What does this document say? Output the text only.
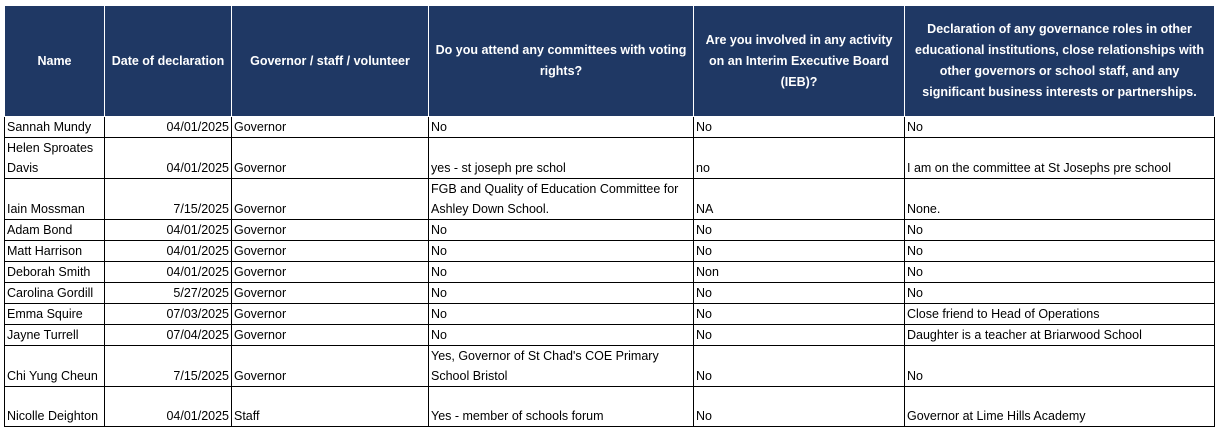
Name	Date of declaration	Governor / staff / volunteer	Do you attend any committees with voting rights?	Are you involved in any activity on an Interim Executive Board (IEB)?	Declaration of any governance roles in other educational institutions, close relationships with other governors or school staff, and any significant business interests or partnerships.
Sannah Mundy	04/01/2025	Governor	No	No	No
Helen Sproates Davis	04/01/2025	Governor	yes - st joseph pre schol	no	I am on the committee at St Josephs pre school
Iain Mossman	7/15/2025	Governor	FGB and Quality of Education Committee for Ashley Down School.	NA	None.
Adam Bond	04/01/2025	Governor	No	No	No
Matt Harrison	04/01/2025	Governor	No	No	No
Deborah Smith	04/01/2025	Governor	No	Non	No
Carolina Gordill	5/27/2025	Governor	No	No	No
Emma Squire	07/03/2025	Governor	No	No	Close friend to Head of Operations
Jayne Turrell	07/04/2025	Governor	No	No	Daughter is a teacher at Briarwood School
Chi Yung Cheun	7/15/2025	Governor	Yes, Governor of St Chad's COE Primary School Bristol	No	No
Nicolle Deighton	04/01/2025	Staff	Yes - member of schools forum	No	Governor at Lime Hills Academy
